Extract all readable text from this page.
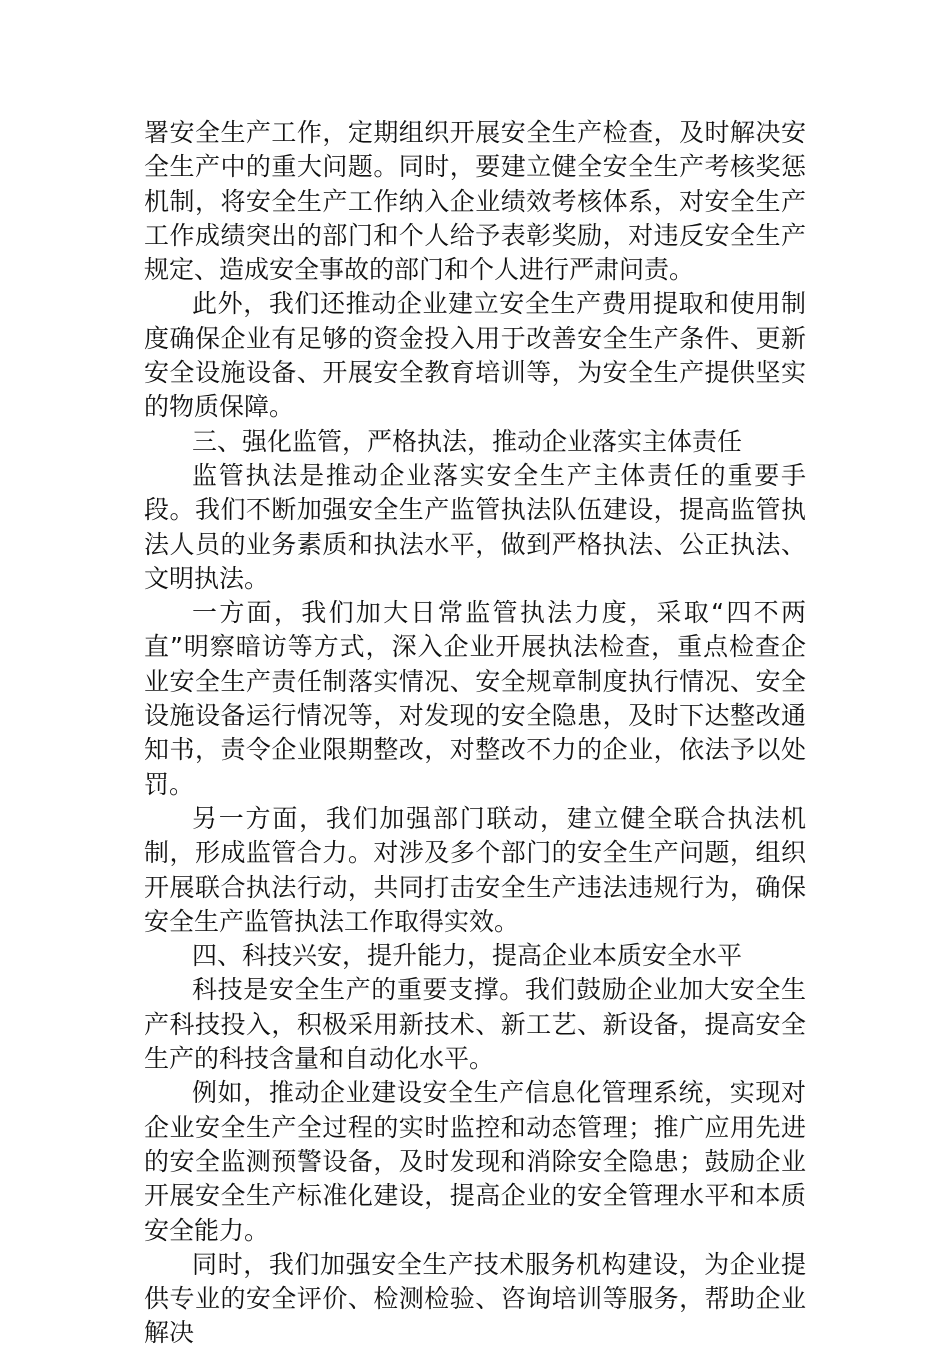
署安全生产工作，定期组织开展安全生产检查，及时解决安全生产中的重大问题。同时，要建立健全安全生产考核奖惩机制，将安全生产工作纳入企业绩效考核体系，对安全生产工作成绩突出的部门和个人给予表彰奖励，对违反安全生产规定、造成安全事故的部门和个人进行严肃问责。

此外，我们还推动企业建立安全生产费用提取和使用制度确保企业有足够的资金投入用于改善安全生产条件、更新安全设施设备、开展安全教育培训等，为安全生产提供坚实的物质保障。

三、强化监管，严格执法，推动企业落实主体责任

监管执法是推动企业落实安全生产主体责任的重要手段。我们不断加强安全生产监管执法队伍建设，提高监管执法人员的业务素质和执法水平，做到严格执法、公正执法、文明执法。

一方面，我们加大日常监管执法力度，采取“四不两直”明察暗访等方式，深入企业开展执法检查，重点检查企业安全生产责任制落实情况、安全规章制度执行情况、安全设施设备运行情况等，对发现的安全隐患，及时下达整改通知书，责令企业限期整改，对整改不力的企业，依法予以处罚。

另一方面，我们加强部门联动，建立健全联合执法机制，形成监管合力。对涉及多个部门的安全生产问题，组织开展联合执法行动，共同打击安全生产违法违规行为，确保安全生产监管执法工作取得实效。

四、科技兴安，提升能力，提高企业本质安全水平

科技是安全生产的重要支撑。我们鼓励企业加大安全生产科技投入，积极采用新技术、新工艺、新设备，提高安全生产的科技含量和自动化水平。

例如，推动企业建设安全生产信息化管理系统，实现对企业安全生产全过程的实时监控和动态管理；推广应用先进的安全监测预警设备，及时发现和消除安全隐患；鼓励企业开展安全生产标准化建设，提高企业的安全管理水平和本质安全能力。

同时，我们加强安全生产技术服务机构建设，为企业提供专业的安全评价、检测检验、咨询培训等服务，帮助企业解决
